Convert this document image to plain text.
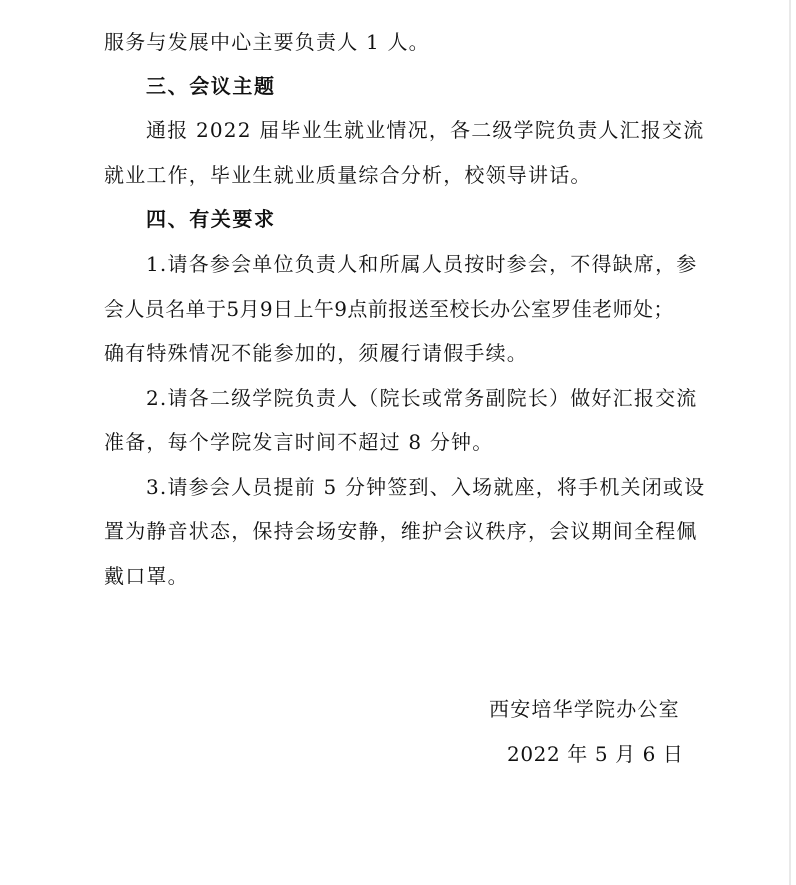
服务与发展中心主要负责人 1 人。
三、会议主题
通报 2022 届毕业生就业情况，各二级学院负责人汇报交流
就业工作，毕业生就业质量综合分析，校领导讲话。
四、有关要求
1.请各参会单位负责人和所属人员按时参会，不得缺席，参
会人员名单于5月9日上午9点前报送至校长办公室罗佳老师处；
确有特殊情况不能参加的，须履行请假手续。
2.请各二级学院负责人（院长或常务副院长）做好汇报交流
准备，每个学院发言时间不超过 8 分钟。
3.请参会人员提前 5 分钟签到、入场就座，将手机关闭或设
置为静音状态，保持会场安静，维护会议秩序，会议期间全程佩
戴口罩。
西安培华学院办公室
2022 年 5 月 6 日
